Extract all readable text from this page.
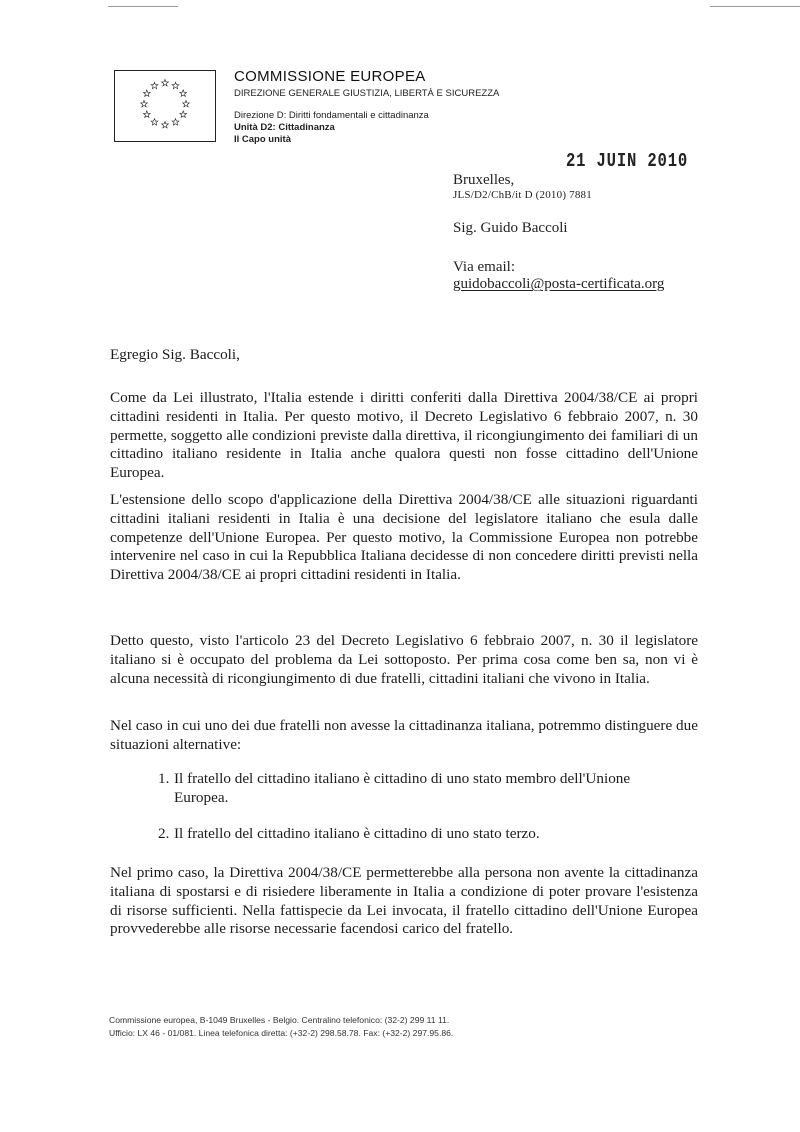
COMMISSIONE EUROPEA
DIREZIONE GENERALE GIUSTIZIA, LIBERTÀ E SICUREZZA
Direzione D: Diritti fondamentali e cittadinanza
Unità D2: Cittadinanza
Il Capo unità
21 JUIN 2010
Bruxelles,
JLS/D2/ChB/it D (2010) 7881
Sig. Guido Baccoli
Via email:
guidobaccoli@posta-certificata.org
Egregio Sig. Baccoli,

Come da Lei illustrato, l'Italia estende i diritti conferiti dalla Direttiva 2004/38/CE ai propri cittadini residenti in Italia. Per questo motivo, il Decreto Legislativo 6 febbraio 2007, n. 30 permette, soggetto alle condizioni previste dalla direttiva, il ricongiungimento dei familiari di un cittadino italiano residente in Italia anche qualora questi non fosse cittadino dell'Unione Europea.

L'estensione dello scopo d'applicazione della Direttiva 2004/38/CE alle situazioni riguardanti cittadini italiani residenti in Italia è una decisione del legislatore italiano che esula dalle competenze dell'Unione Europea. Per questo motivo, la Commissione Europea non potrebbe intervenire nel caso in cui la Repubblica Italiana decidesse di non concedere diritti previsti nella Direttiva 2004/38/CE ai propri cittadini residenti in Italia.

Detto questo, visto l'articolo 23 del Decreto Legislativo 6 febbraio 2007, n. 30 il legislatore italiano si è occupato del problema da Lei sottoposto. Per prima cosa come ben sa, non vi è alcuna necessità di ricongiungimento di due fratelli, cittadini italiani che vivono in Italia.

Nel caso in cui uno dei due fratelli non avesse la cittadinanza italiana, potremmo distinguere due situazioni alternative:

1. Il fratello del cittadino italiano è cittadino di uno stato membro dell'Unione
Europea.
2. Il fratello del cittadino italiano è cittadino di uno stato terzo.

Nel primo caso, la Direttiva 2004/38/CE permetterebbe alla persona non avente la cittadinanza italiana di spostarsi e di risiedere liberamente in Italia a condizione di poter provare l'esistenza di risorse sufficienti. Nella fattispecie da Lei invocata, il fratello cittadino dell'Unione Europea provvederebbe alle risorse necessarie facendosi carico del fratello.

Commissione europea, B-1049 Bruxelles - Belgio. Centralino telefonico: (32-2) 299 11 11.
Ufficio: LX 46 - 01/081. Linea telefonica diretta: (+32-2) 298.58.78. Fax: (+32-2) 297.95.86.
